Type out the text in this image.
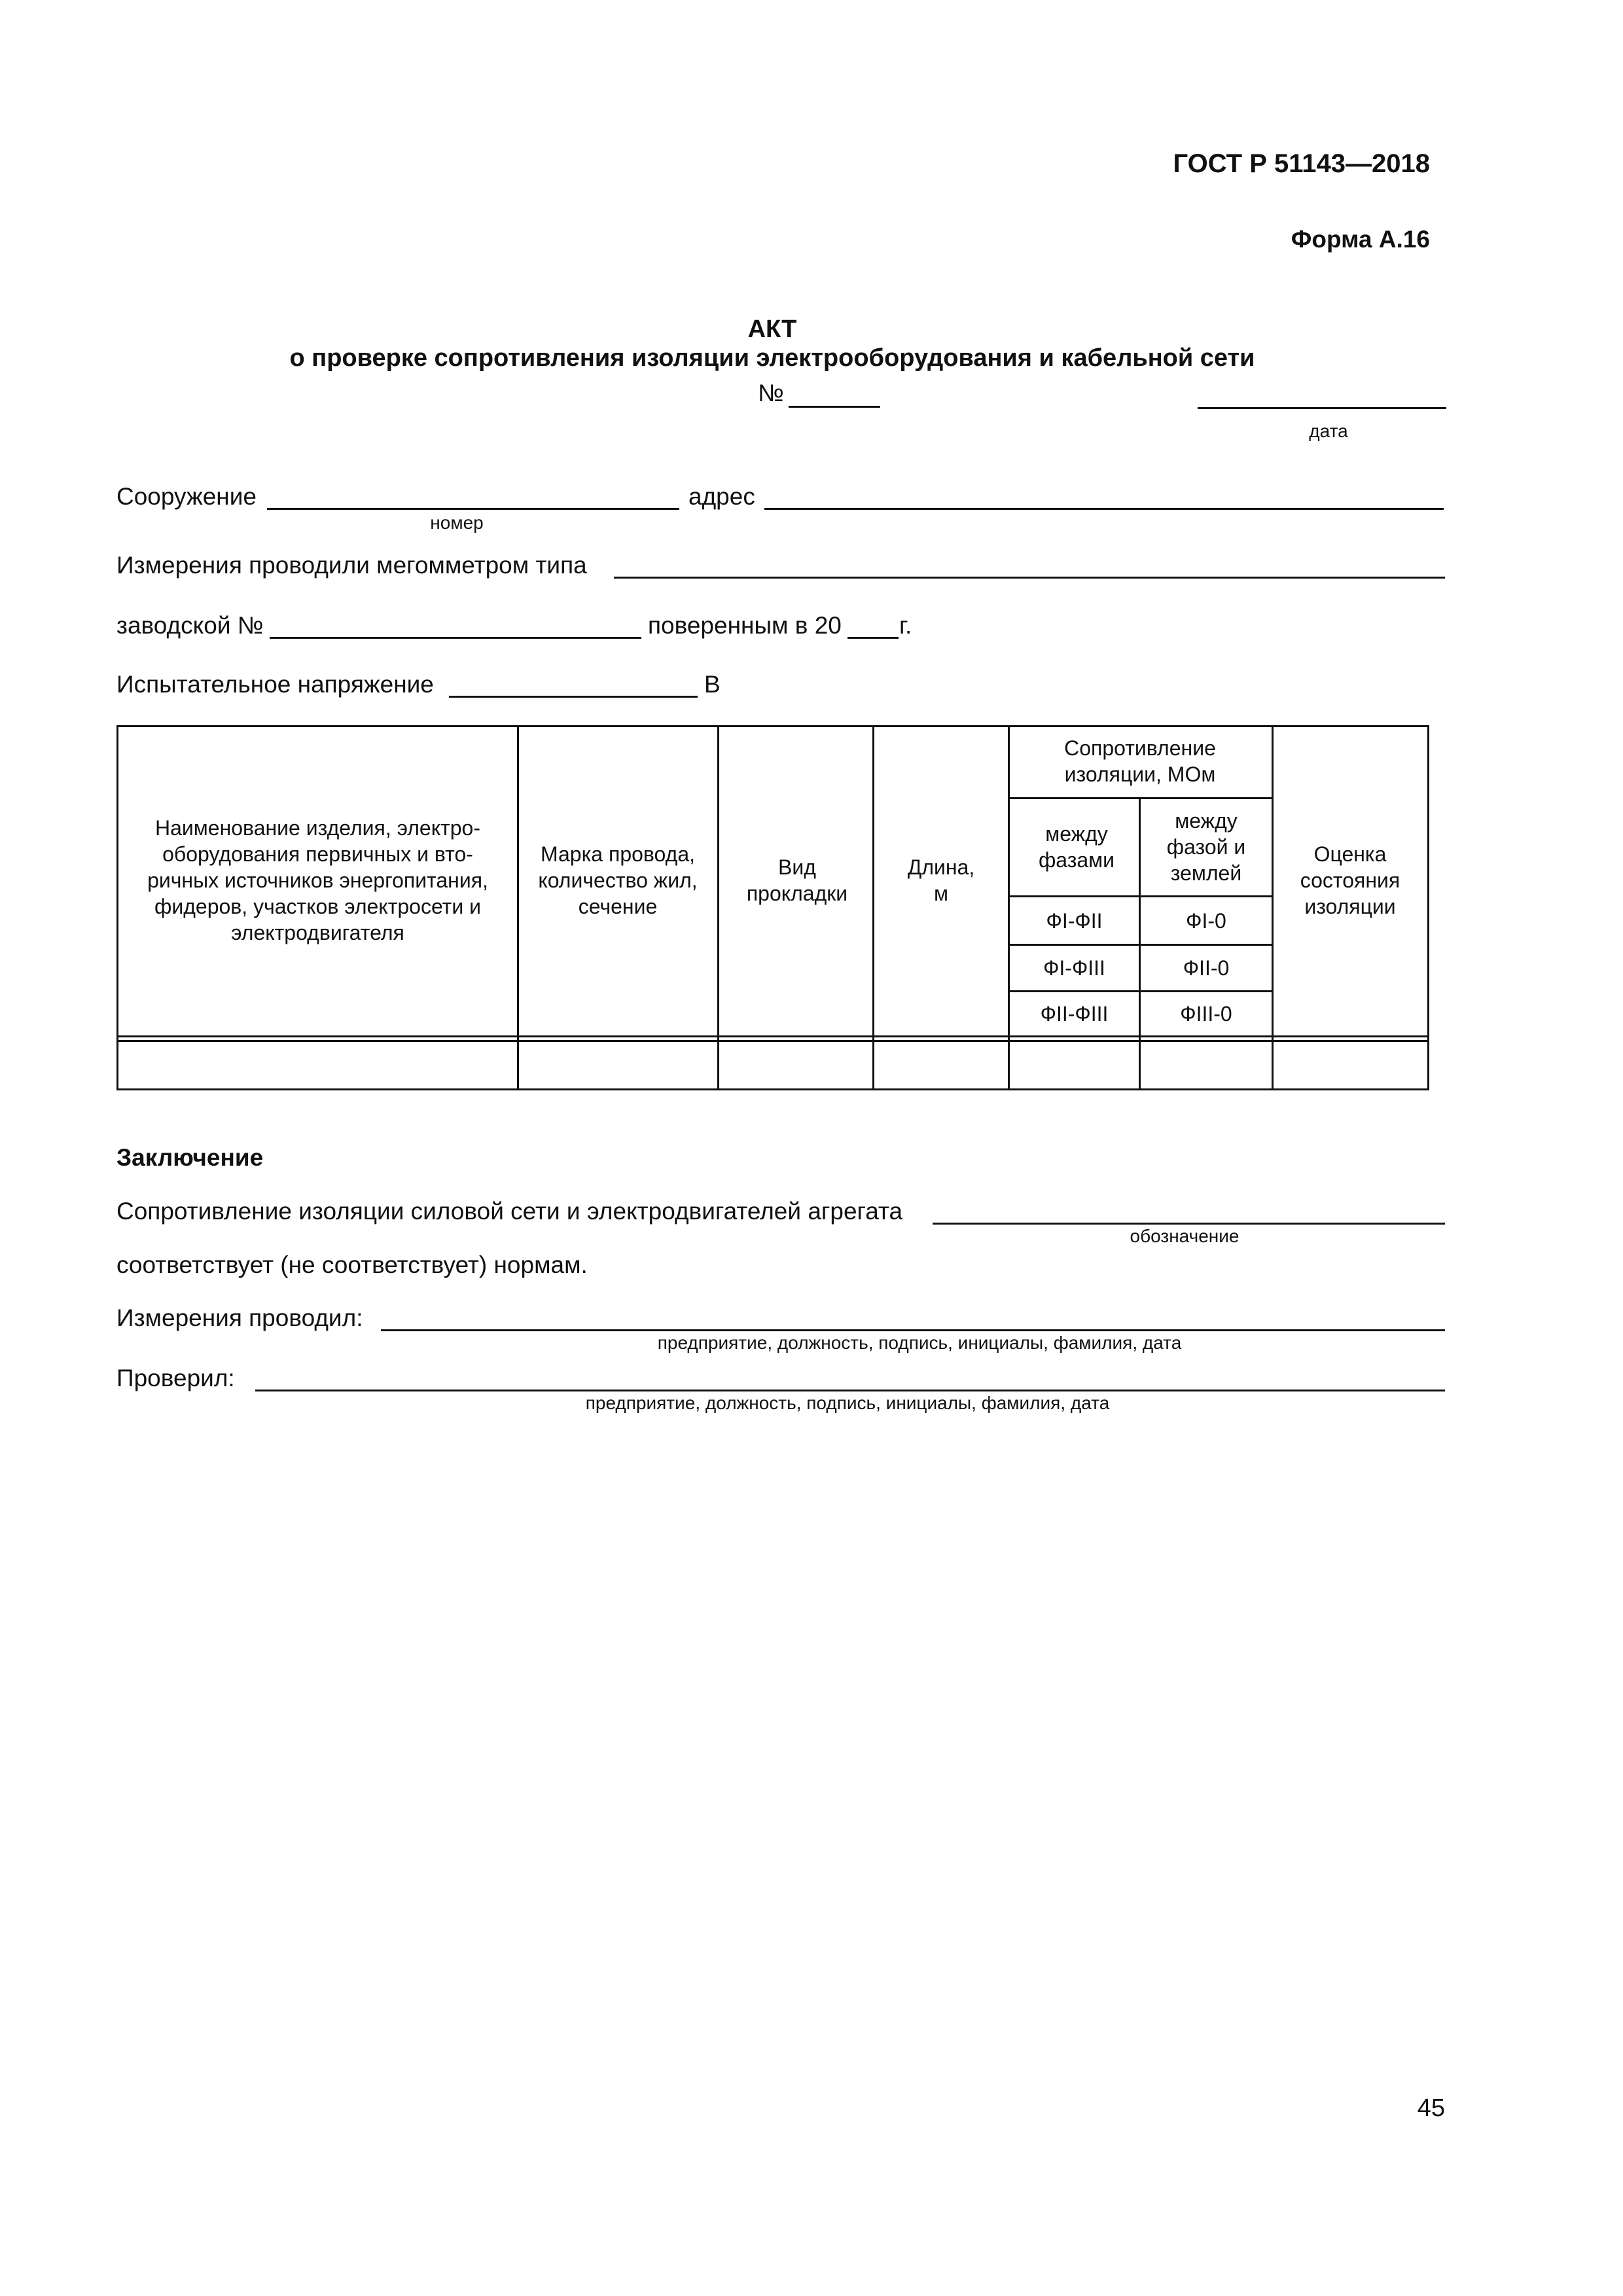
ГОСТ Р 51143—2018
Форма А.16
АКТ
о проверке сопротивления изоляции электрооборудования и кабельной сети
№
дата
Сооружение
номер
адрес
Измерения проводили мегомметром типа
заводской №	поверенным в 20 г.
Испытательное напряжение	В
Наименование изделия, электро-оборудования первичных и вто-ричных источников энергопитания, фидеров, участков электросети и электродвигателя
Марка провода, количество жил, сечение
Вид прокладки
Длина, м
Сопротивление изоляции, МОм
между фазами
между фазой и землей
Оценка состояния изоляции
ФI-ФII
ФI-ФIII
ФII-ФIII
ФI-0
ФII-0
ФIII-0
Заключение
Сопротивление изоляции силовой сети и электродвигателей агрегата
обозначение
соответствует (не соответствует) нормам.
Измерения проводил:
предприятие, должность, подпись, инициалы, фамилия, дата
Проверил:
предприятие, должность, подпись, инициалы, фамилия, дата
45
